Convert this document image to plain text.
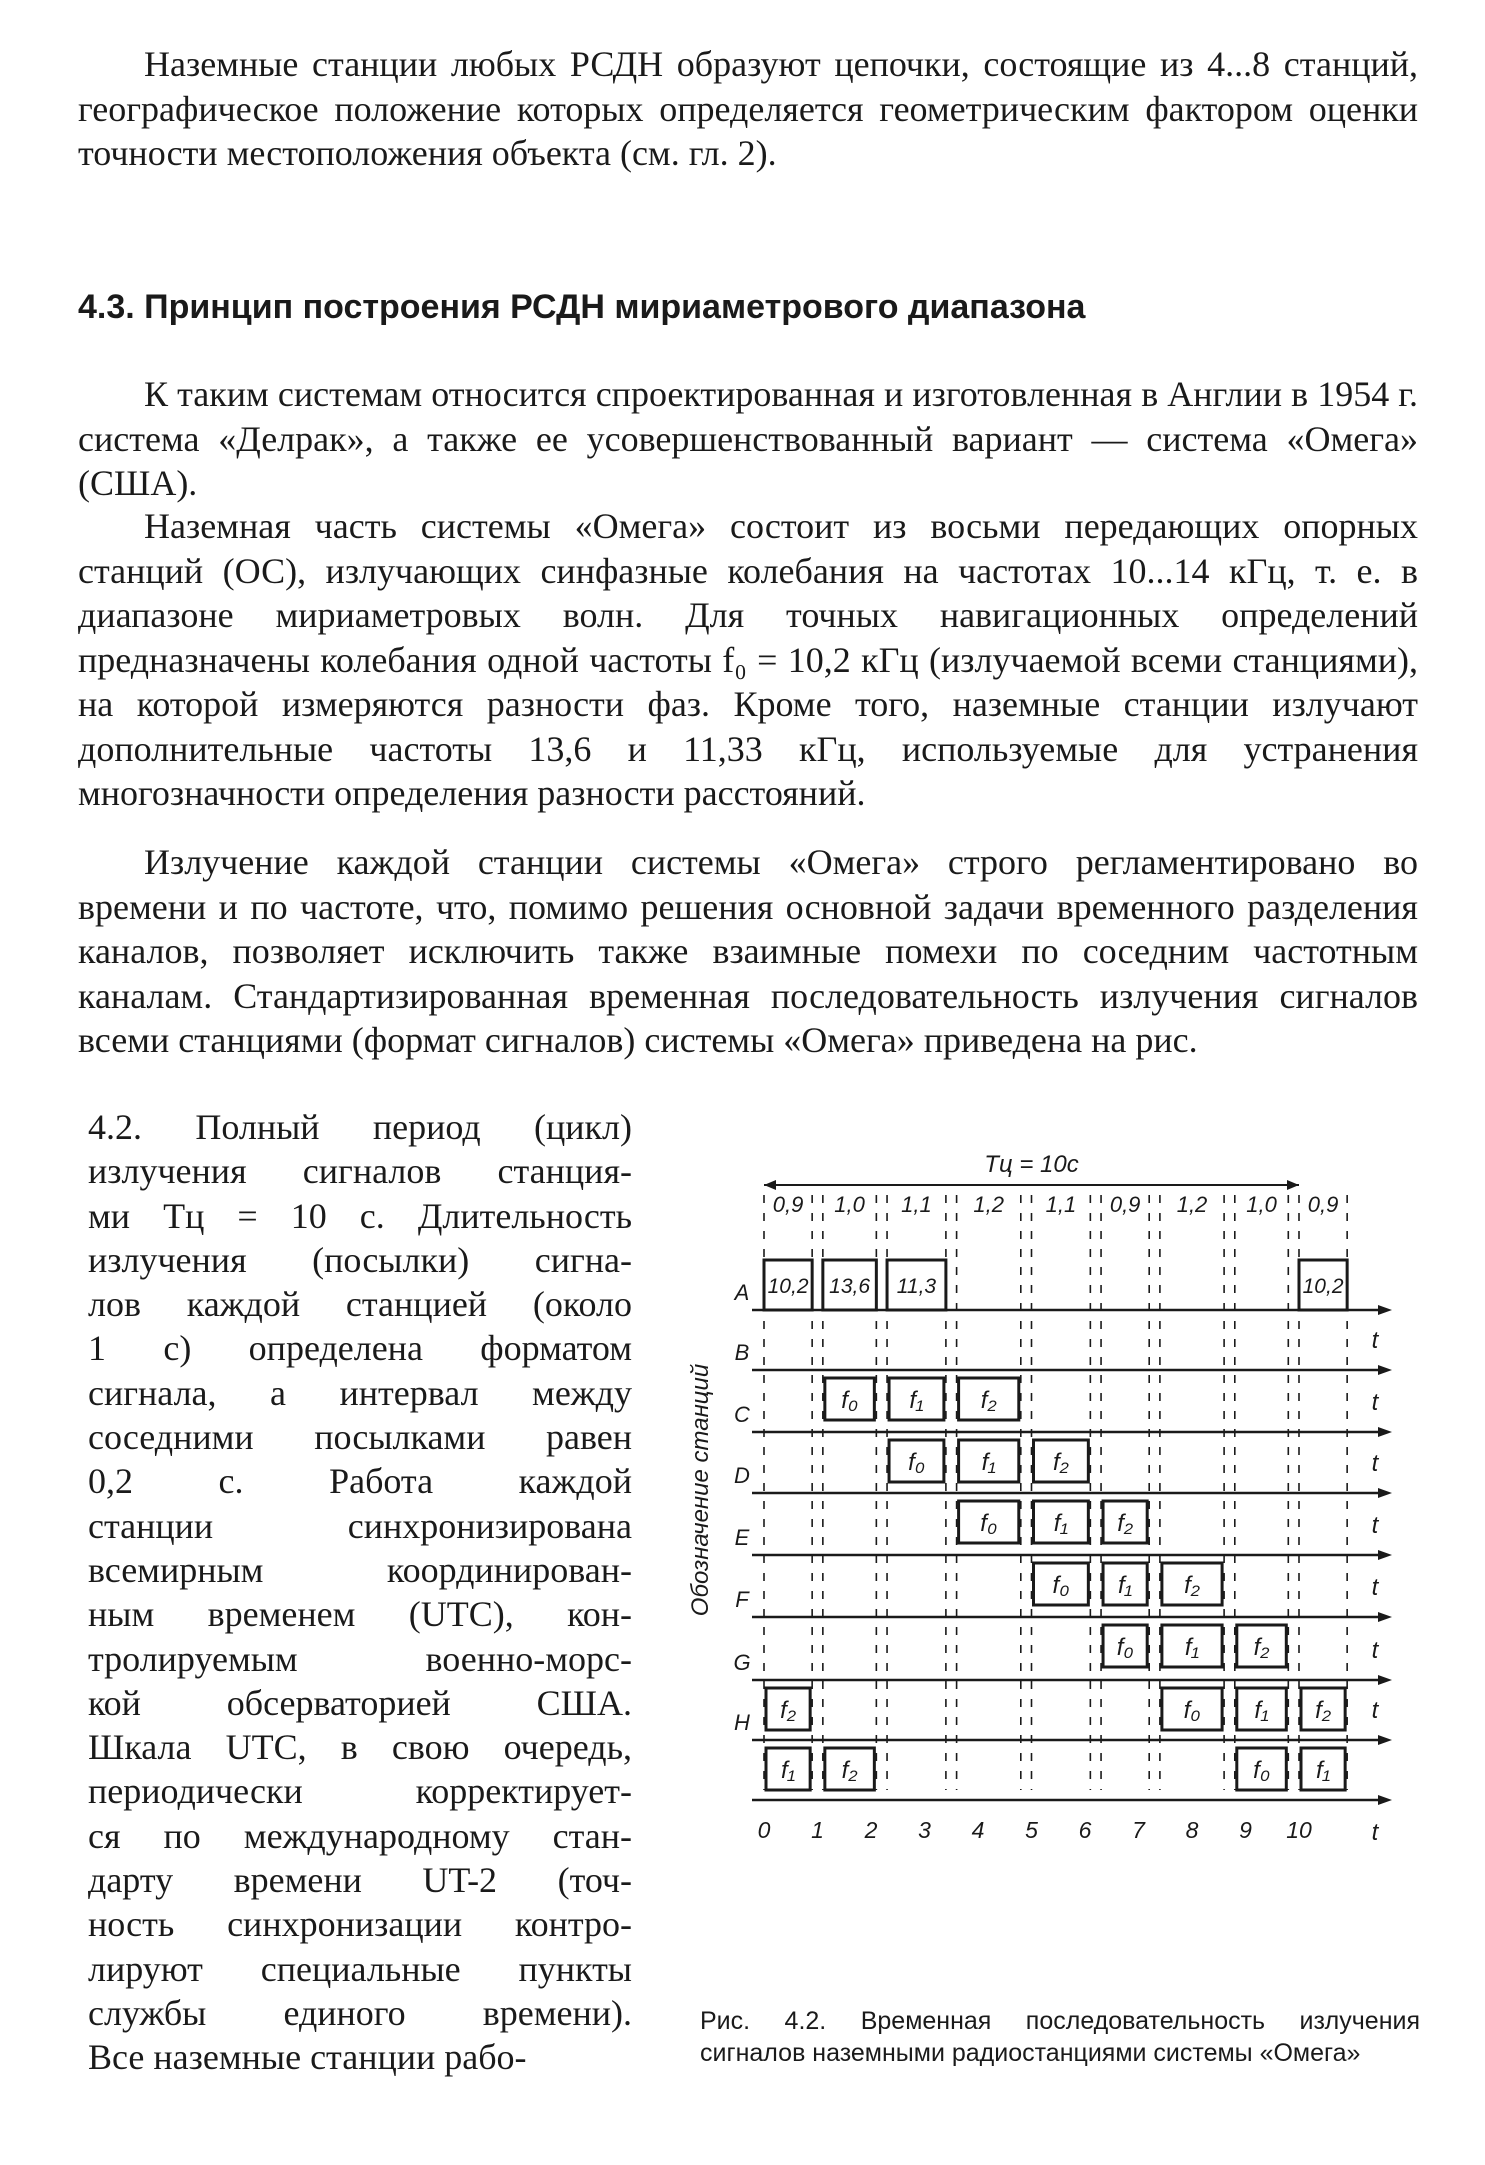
Наземные станции любых РСДН образуют цепочки, состоящие из 4...8 станций, географическое положение которых определяется геометрическим фактором оценки точности местоположения объекта (см. гл. 2).
4.3. Принцип построения РСДН мириаметрового диапазона
К таким системам относится спроектированная и изготовленная в Англии в 1954 г. система «Делрак», а также ее усовершенствованный вариант — система «Омега» (США).
Наземная часть системы «Омега» состоит из восьми передающих опорных станций (ОС), излучающих синфазные колебания на частотах 10...14 кГц, т. е. в диапазоне мириаметровых волн. Для точных навигационных определений предназначены колебания одной частоты f₀ = 10,2 кГц (излучаемой всеми станциями), на которой измеряются разности фаз. Кроме того, наземные станции излучают дополнительные частоты 13,6 и 11,33 кГц, используемые для устранения многозначности определения разности расстояний.
Излучение каждой станции системы «Омега» строго регламентировано во времени и по частоте, что, помимо решения основной задачи временного разделения каналов, позволяет исключить также взаимные помехи по соседним частотным каналам. Стандартизированная временная последовательность излучения сигналов всеми станциями (формат сигналов) системы «Омега» приведена на рис.
4.2. Полный период (цикл)
излучения сигналов станция-
ми Tц = 10 с. Длительность
излучения (посылки) сигна-
лов каждой станцией (около
1 с) определена форматом
сигнала, а интервал между
соседними посылками равен
0,2 с. Работа каждой
станции синхронизирована
всемирным координирован-
ным временем (UTC), кон-
тролируемым военно-морс-
кой обсерваторией США.
Шкала UTC, в свою очередь,
периодически корректирует-
ся по международному стан-
дарту времени UT-2 (точ-
ность синхронизации контро-
лируют специальные пункты
службы единого времени).
Все наземные станции рабо-
Tц = 10с
0,9 1,0 1,1 1,2 1,1 0,9 1,2 1,0 0,9
10,2 13,6 11,3	10,2
A
B	t
f₀ f₁ f₂
C	t
f₀ f₁ f₂
D	t
f₀ f₁ f₂
E	t
f₀ f₁ f₂
F	t
f₀ f₁ f₂
G	t
f₂	f₀ f₁ f₂
H	t
f₁ f₂	f₀ f₁
t
0 1 2 3 4 5 6 7 8 9 10
Обозначение станций
Рис. 4.2. Временная последовательность излучения сигналов наземными радиостанциями системы «Омега»
